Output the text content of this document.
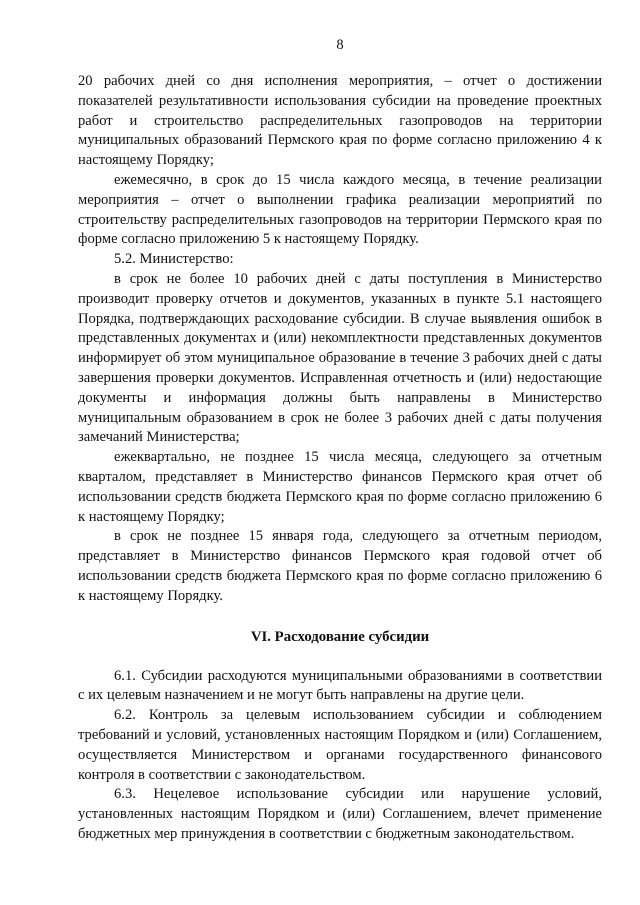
8

20 рабочих дней со дня исполнения мероприятия, – отчет о достижении показателей результативности использования субсидии на проведение проектных работ и строительство распределительных газопроводов на территории муниципальных образований Пермского края по форме согласно приложению 4 к настоящему Порядку;

ежемесячно, в срок до 15 числа каждого месяца, в течение реализации мероприятия – отчет о выполнении графика реализации мероприятий по строительству распределительных газопроводов на территории Пермского края по форме согласно приложению 5 к настоящему Порядку.

5.2. Министерство:

в срок не более 10 рабочих дней с даты поступления в Министерство производит проверку отчетов и документов, указанных в пункте 5.1 настоящего Порядка, подтверждающих расходование субсидии. В случае выявления ошибок в представленных документах и (или) некомплектности представленных документов информирует об этом муниципальное образование в течение 3 рабочих дней с даты завершения проверки документов. Исправленная отчетность и (или) недостающие документы и информация должны быть направлены в Министерство муниципальным образованием в срок не более 3 рабочих дней с даты получения замечаний Министерства;

ежеквартально, не позднее 15 числа месяца, следующего за отчетным кварталом, представляет в Министерство финансов Пермского края отчет об использовании средств бюджета Пермского края по форме согласно приложению 6 к настоящему Порядку;

в срок не позднее 15 января года, следующего за отчетным периодом, представляет в Министерство финансов Пермского края годовой отчет об использовании средств бюджета Пермского края по форме согласно приложению 6 к настоящему Порядку.

VI. Расходование субсидии

6.1. Субсидии расходуются муниципальными образованиями в соответствии с их целевым назначением и не могут быть направлены на другие цели.

6.2. Контроль за целевым использованием субсидии и соблюдением требований и условий, установленных настоящим Порядком и (или) Соглашением, осуществляется Министерством и органами государственного финансового контроля в соответствии с законодательством.

6.3. Нецелевое использование субсидии или нарушение условий, установленных настоящим Порядком и (или) Соглашением, влечет применение бюджетных мер принуждения в соответствии с бюджетным законодательством.
